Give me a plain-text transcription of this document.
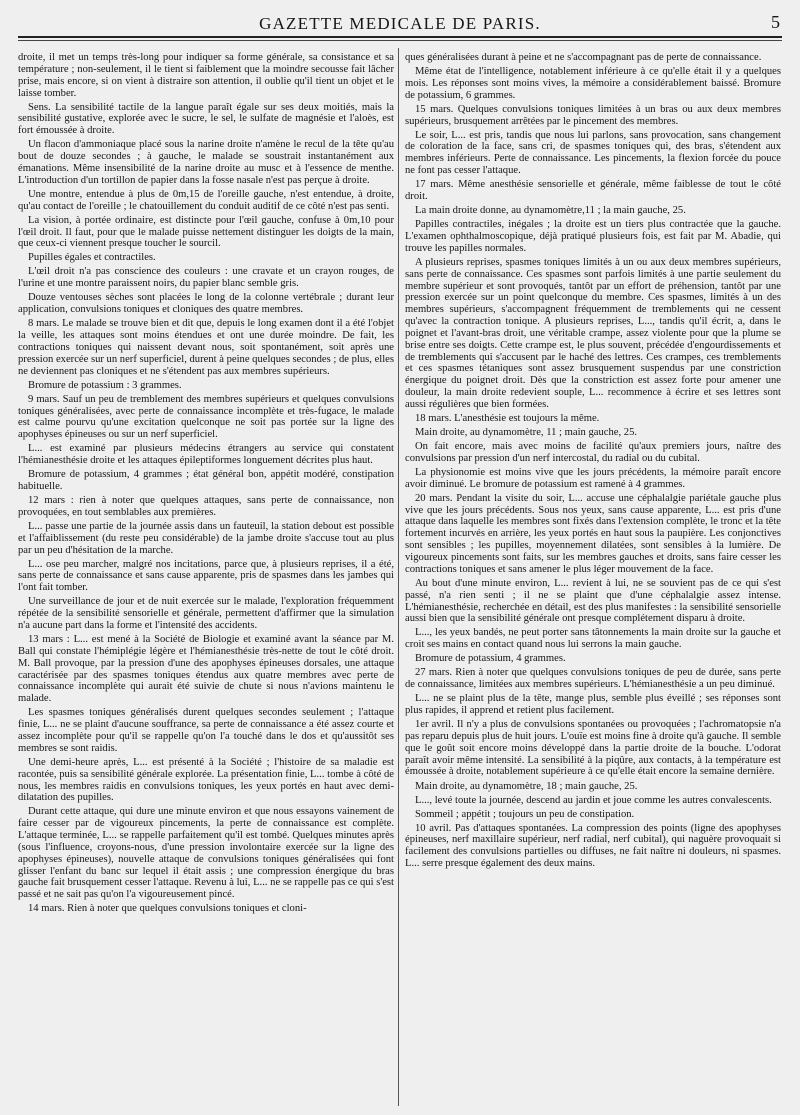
GAZETTE MEDICALE DE PARIS.	5

droite, il met un temps très-long pour indiquer sa forme générale, sa consistance et sa température ; non-seulement, il le tient si faiblement que la moindre secousse fait lâcher prise, mais encore, si on vient à distraire son attention, il oublie qu'il tient un objet et le laisse tomber.

Sens. La sensibilité tactile de la langue paraît égale sur ses deux moitiés, mais la sensibilité gustative, explorée avec le sucre, le sel, le sulfate de magnésie et l'aloès, est fort émoussée à droite.

Un flacon d'ammoniaque placé sous la narine droite n'amène le recul de la tête qu'au bout de douze secondes ; à gauche, le malade se soustrait instantanément aux émanations. Même insensibilité de la narine droite au musc et à l'essence de menthe. L'introduction d'un tortillon de papier dans la fosse nasale n'est pas perçue à droite.

Une montre, entendue à plus de 0m,15 de l'oreille gauche, n'est entendue, à droite, qu'au contact de l'oreille ; le chatouillement du conduit auditif de ce côté n'est pas senti.

La vision, à portée ordinaire, est distincte pour l'œil gauche, confuse à 0m,10 pour l'œil droit. Il faut, pour que le malade puisse nettement distinguer les doigts de la main, que ceux-ci viennent presque toucher le sourcil.

Pupilles égales et contractiles.

L'œil droit n'a pas conscience des couleurs : une cravate et un crayon rouges, de l'urine et une montre paraissent noirs, du papier blanc semble gris.

Douze ventouses sèches sont placées le long de la colonne vertébrale ; durant leur application, convulsions toniques et cloniques des quatre membres.

8 mars. Le malade se trouve bien et dit que, depuis le long examen dont il a été l'objet la veille, les attaques sont moins étendues et ont une durée moindre. De fait, les contractions toniques qui naissent devant nous, soit spontanément, soit après une pression exercée sur un nerf superficiel, durent à peine quelques secondes ; de plus, elles ne deviennent pas cloniques et ne s'étendent pas aux membres supérieurs.

Bromure de potassium : 3 grammes.

9 mars. Sauf un peu de tremblement des membres supérieurs et quelques convulsions toniques généralisées, avec perte de connaissance incomplète et très-fugace, le malade est calme pourvu qu'une excitation quelconque ne soit pas portée sur la ligne des apophyses épineuses ou sur un nerf superficiel.

L... est examiné par plusieurs médecins étrangers au service qui constatent l'hémianesthésie droite et les attaques épileptiformes longuement décrites plus haut.

Bromure de potassium, 4 grammes ; état général bon, appétit modéré, constipation habituelle.

12 mars : rien à noter que quelques attaques, sans perte de connaissance, non provoquées, en tout semblables aux premières.

L... passe une partie de la journée assis dans un fauteuil, la station debout est possible et l'affaiblissement (du reste peu considérable) de la jambe droite s'accuse tout au plus par un peu d'hésitation de la marche.

L... ose peu marcher, malgré nos incitations, parce que, à plusieurs reprises, il a été, sans perte de connaissance et sans cause apparente, pris de spasmes dans les jambes qui l'ont fait tomber.

Une surveillance de jour et de nuit exercée sur le malade, l'exploration fréquemment répétée de la sensibilité sensorielle et générale, permettent d'affirmer que la simulation n'a aucune part dans la forme et l'intensité des accidents.

13 mars : L... est mené à la Société de Biologie et examiné avant la séance par M. Ball qui constate l'hémiplégie légère et l'hémianesthésie très-nette de tout le côté droit. M. Ball provoque, par la pression d'une des apophyses épineuses dorsales, une attaque caractérisée par des spasmes toniques étendus aux quatre membres avec perte de connaissance incomplète qui aurait été suivie de chute si nous n'avions maintenu le malade.

Les spasmes toniques généralisés durent quelques secondes seulement ; l'attaque finie, L... ne se plaint d'aucune souffrance, sa perte de connaissance a été assez courte et assez incomplète pour qu'il se rappelle qu'on l'a touché dans le dos et qu'aussitôt ses membres se sont raidis.

Une demi-heure après, L... est présenté à la Société ; l'histoire de sa maladie est racontée, puis sa sensibilité générale explorée. La présentation finie, L... tombe à côté de nous, les membres raidis en convulsions toniques, les yeux portés en haut avec demi-dilatation des pupilles.

Durant cette attaque, qui dure une minute environ et que nous essayons vainement de faire cesser par de vigoureux pincements, la perte de connaissance est complète. L'attaque terminée, L... se rappelle parfaitement qu'il est tombé. Quelques minutes après (sous l'influence, croyons-nous, d'une pression involontaire exercée sur la ligne des apophyses épineuses), nouvelle attaque de convulsions toniques généralisées qui font glisser l'enfant du banc sur lequel il était assis ; une compression énergique du bras gauche fait brusquement cesser l'attaque. Revenu à lui, L... ne se rappelle pas ce qui s'est passé et ne sait pas qu'on l'a vigoureusement pincé.

14 mars. Rien à noter que quelques convulsions toniques et cloni-

ques généralisées durant à peine et ne s'accompagnant pas de perte de connaissance.

Même état de l'intelligence, notablement inférieure à ce qu'elle était il y a quelques mois. Les réponses sont moins vives, la mémoire a considérablement baissé. Bromure de potassium, 6 grammes.

15 mars. Quelques convulsions toniques limitées à un bras ou aux deux membres supérieurs, brusquement arrêtées par le pincement des membres.

Le soir, L... est pris, tandis que nous lui parlons, sans provocation, sans changement de coloration de la face, sans cri, de spasmes toniques qui, des bras, s'étendent aux membres inférieurs. Perte de connaissance. Les pincements, la flexion forcée du pouce ne font pas cesser l'attaque.

17 mars. Même anesthésie sensorielle et générale, même faiblesse de tout le côté droit.

La main droite donne, au dynamomètre,11 ; la main gauche, 25.

Papilles contractiles, inégales ; la droite est un tiers plus contractée que la gauche. L'examen ophthalmoscopique, déjà pratiqué plusieurs fois, est fait par M. Abadie, qui trouve les papilles normales.

A plusieurs reprises, spasmes toniques limités à un ou aux deux membres supérieurs, sans perte de connaissance. Ces spasmes sont parfois limités à une partie seulement du membre supérieur et sont provoqués, tantôt par un effort de préhension, tantôt par une pression exercée sur un point quelconque du membre. Ces spasmes, limités à un des membres supérieurs, s'accompagnent fréquemment de tremblements qui ne cessent qu'avec la contraction tonique. A plusieurs reprises, L..., tandis qu'il écrit, a, dans le poignet et l'avant-bras droit, une véritable crampe, assez violente pour que la plume se brise entre ses doigts. Cette crampe est, le plus souvent, précédée d'engourdissements et de tremblements qui s'accusent par le haché des lettres. Ces crampes, ces tremblements et ces spasmes tétaniques sont assez brusquement suspendus par une constriction énergique du poignet droit. Dès que la constriction est assez forte pour amener une douleur, la main droite redevient souple, L... recommence à écrire et ses lettres sont aussi régulières que bien formées.

18 mars. L'anesthésie est toujours la même.

Main droite, au dynamomètre, 11 ; main gauche, 25.

On fait encore, mais avec moins de facilité qu'aux premiers jours, naître des convulsions par pression d'un nerf intercostal, du radial ou du cubital.

La physionomie est moins vive que les jours précédents, la mémoire paraît encore avoir diminué. Le bromure de potassium est ramené à 4 grammes.

20 mars. Pendant la visite du soir, L... accuse une céphalalgie pariétale gauche plus vive que les jours précédents. Sous nos yeux, sans cause apparente, L... est pris d'une attaque dans laquelle les membres sont fixés dans l'extension complète, le tronc et la tête fortement incurvés en arrière, les yeux portés en haut sous la paupière. Les conjonctives sont sensibles ; les pupilles, moyennement dilatées, sont sensibles à la lumière. De vigoureux pincements sont faits, sur les membres gauches et droits, sans faire cesser les contractions toniques et sans amener le plus léger mouvement de la face.

Au bout d'une minute environ, L... revient à lui, ne se souvient pas de ce qui s'est passé, n'a rien senti ; il ne se plaint que d'une céphalalgie assez intense. L'hémianesthésie, recherchée en détail, est des plus manifestes : la sensibilité sensorielle aussi bien que la sensibilité générale ont presque complétement disparu à droite.

L..., les yeux bandés, ne peut porter sans tâtonnements la main droite sur la gauche et croit ses mains en contact quand nous lui serrons la main gauche.

Bromure de potassium, 4 grammes.

27 mars. Rien à noter que quelques convulsions toniques de peu de durée, sans perte de connaissance, limitées aux membres supérieurs. L'hémianesthésie a un peu diminué.

L... ne se plaint plus de la tête, mange plus, semble plus éveillé ; ses réponses sont plus rapides, il apprend et retient plus facilement.

1er avril. Il n'y a plus de convulsions spontanées ou provoquées ; l'achromatopsie n'a pas reparu depuis plus de huit jours. L'ouïe est moins fine à droite qu'à gauche. Il semble que le goût soit encore moins développé dans la partie droite de la bouche. L'odorat paraît avoir même intensité. La sensibilité à la piqûre, aux contacts, à la température est émoussée à droite, notablement supérieure à ce qu'elle était encore la semaine dernière.

Main droite, au dynamomètre, 18 ; main gauche, 25.

L..., levé toute la journée, descend au jardin et joue comme les autres convalescents.

Sommeil ; appétit ; toujours un peu de constipation.

10 avril. Pas d'attaques spontanées. La compression des points (ligne des apophyses épineuses, nerf maxillaire supérieur, nerf radial, nerf cubital), qui naguère provoquait si facilement des convulsions partielles ou diffuses, ne fait naître ni douleurs, ni spasmes. L... serre presque également des deux mains.
